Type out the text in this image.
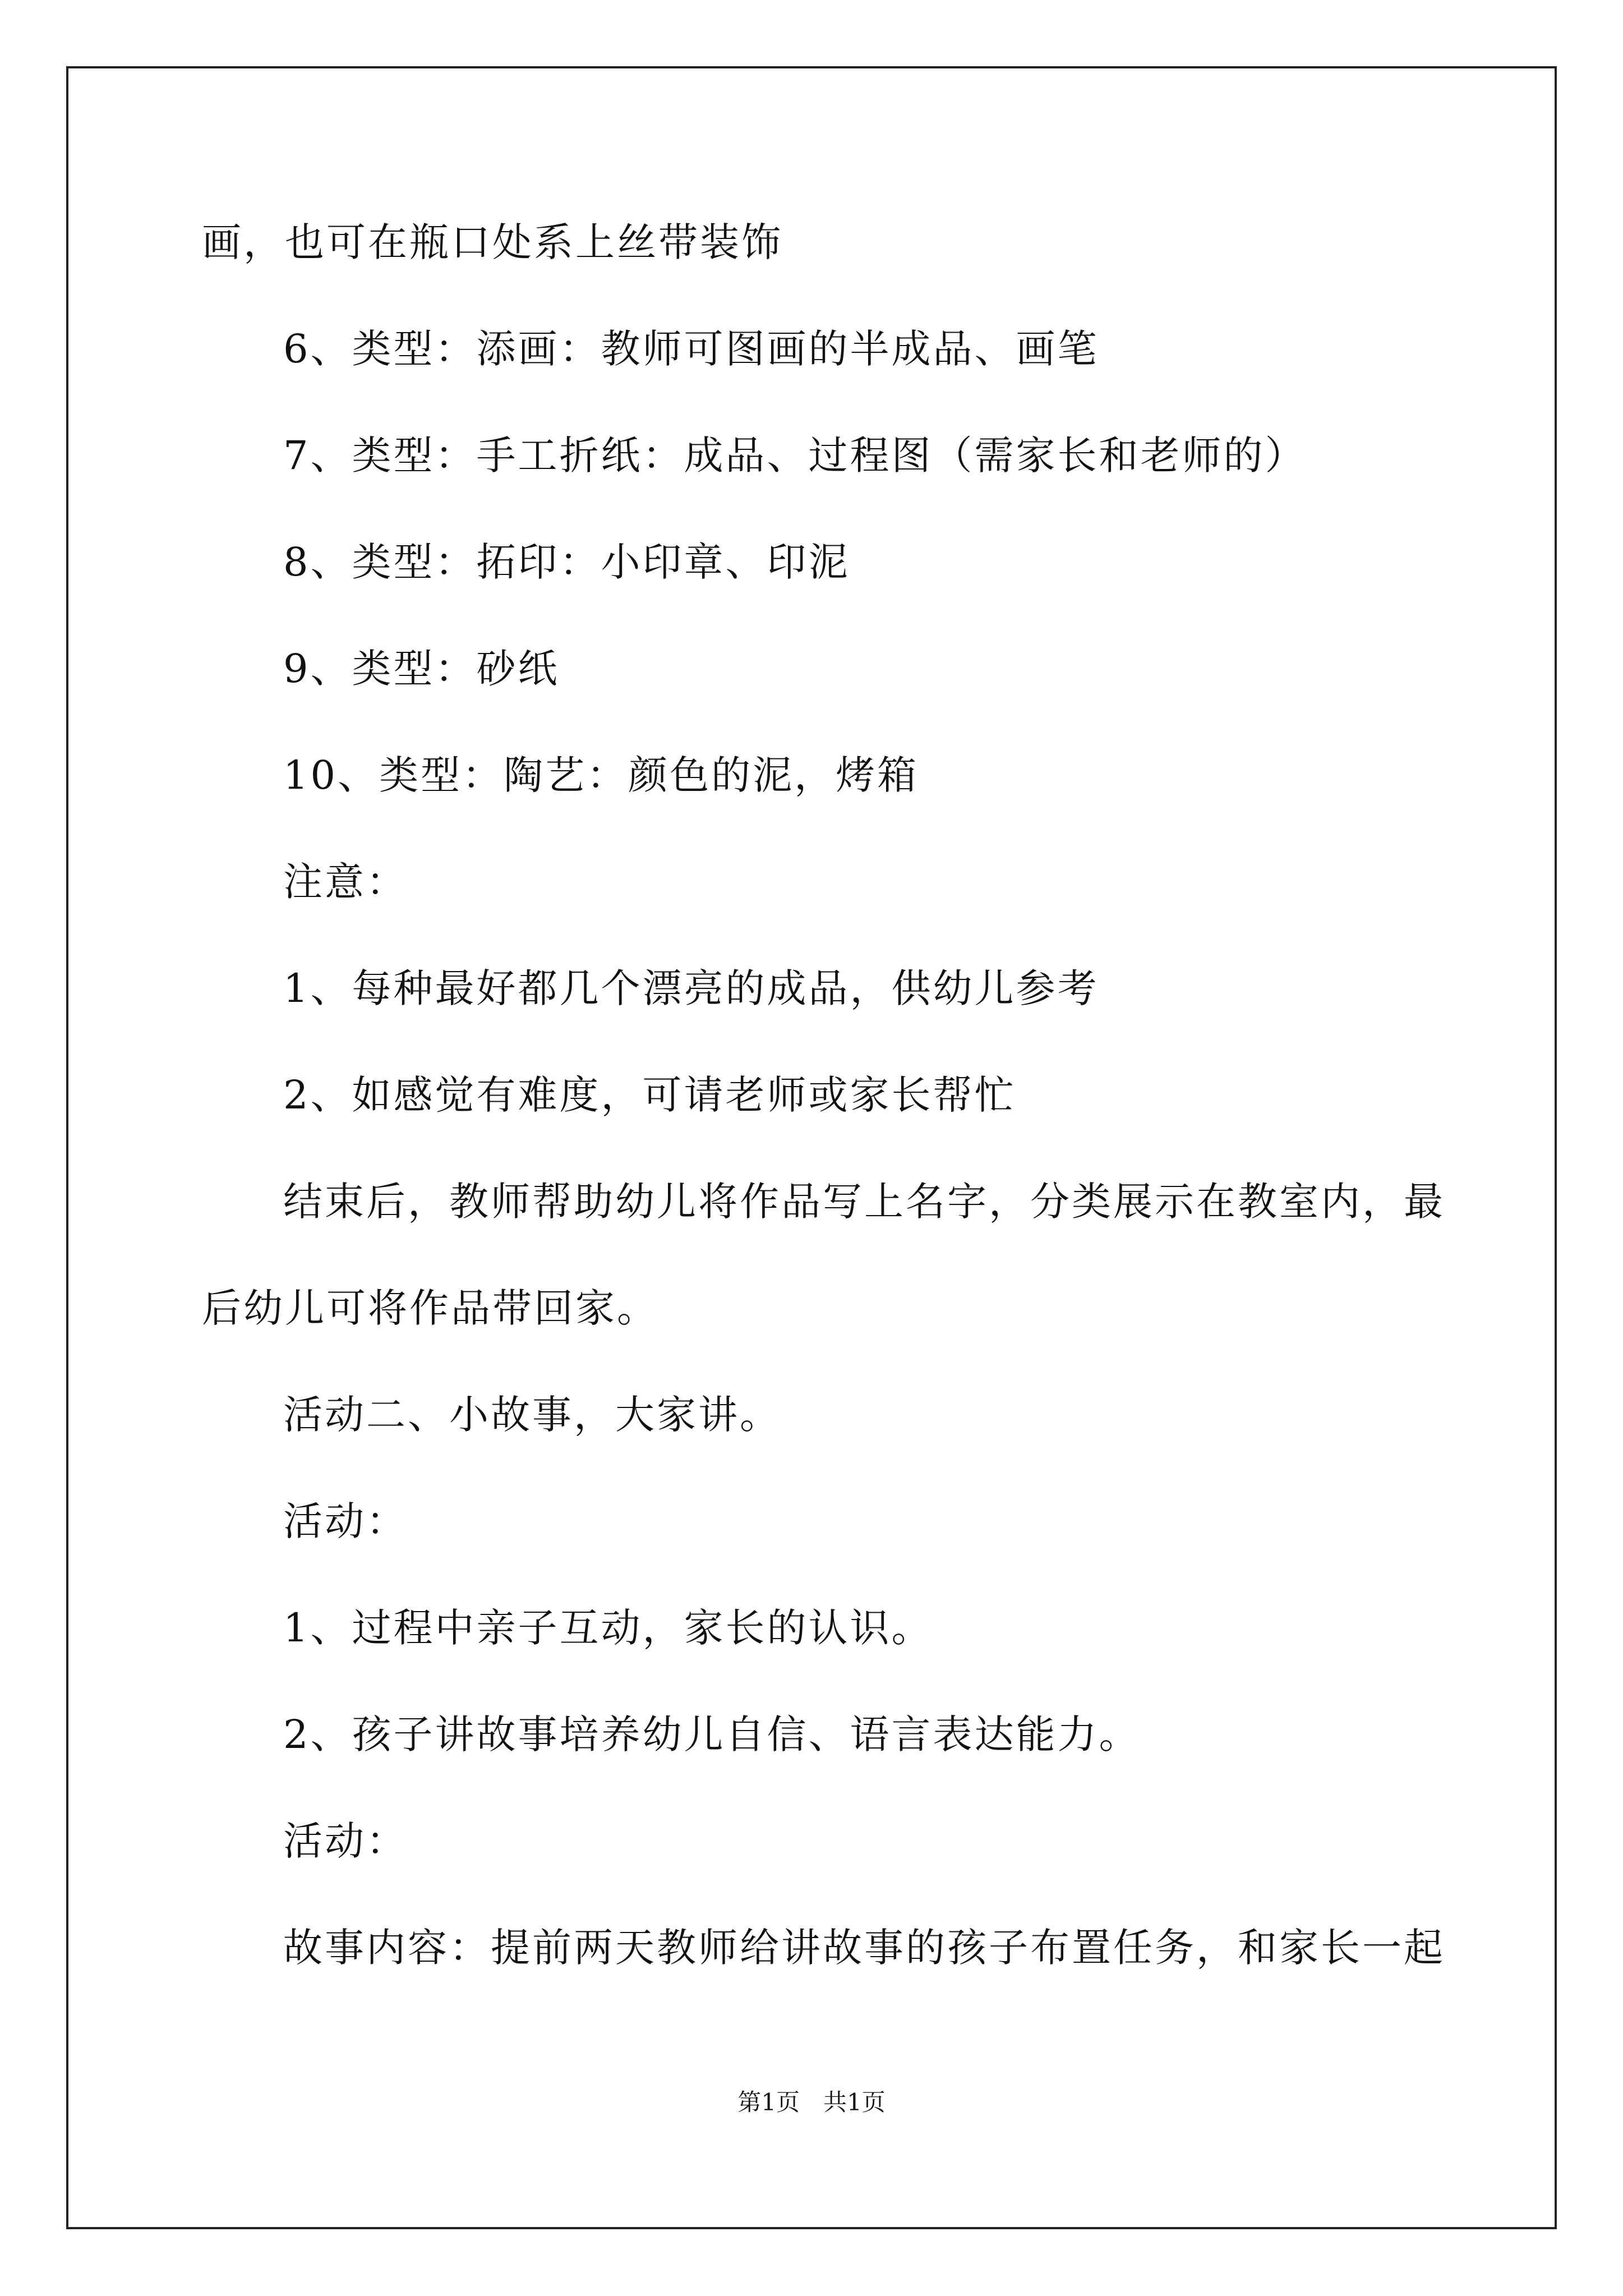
画，也可在瓶口处系上丝带装饰
6、类型：添画：教师可图画的半成品、画笔
7、类型：手工折纸：成品、过程图（需家长和老师的）
8、类型：拓印：小印章、印泥
9、类型：砂纸
10、类型：陶艺：颜色的泥，烤箱
注意：
1、每种最好都几个漂亮的成品，供幼儿参考
2、如感觉有难度，可请老师或家长帮忙
结束后，教师帮助幼儿将作品写上名字，分类展示在教室内，最
后幼儿可将作品带回家。
活动二、小故事，大家讲。
活动：
1、过程中亲子互动，家长的认识。
2、孩子讲故事培养幼儿自信、语言表达能力。
活动：
故事内容：提前两天教师给讲故事的孩子布置任务，和家长一起
第1页　共1页
